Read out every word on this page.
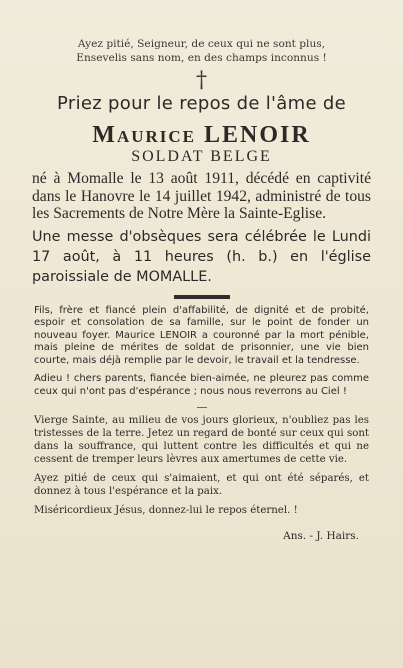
Ayez pitié, Seigneur, de ceux qui ne sont plus,
Ensevelis sans nom, en des champs inconnus !
†
Priez pour le repos de l'âme de
Maurice LENOIR
SOLDAT BELGE
né à Momalle le 13 août 1911, décédé en captivité dans le Hanovre le 14 juillet 1942, administré de tous les Sacrements de Notre Mère la Sainte-Eglise.
Une messe d'obsèques sera célébrée le Lundi 17 août, à 11 heures (h. b.) en l'église paroissiale de MOMALLE.
Fils, frère et fiancé plein d'affabilité, de dignité et de probité, espoir et consolation de sa famille, sur le point de fonder un nouveau foyer. Maurice LENOIR a couronné par la mort pénible, mais pleine de mérites de soldat de prisonnier, une vie bien courte, mais déjà remplie par le devoir, le travail et la tendresse.
Adieu ! chers parents, fiancée bien-aimée, ne pleurez pas comme ceux qui n'ont pas d'espérance ; nous nous reverrons au Ciel !
Vierge Sainte, au milieu de vos jours glorieux, n'oubliez pas les tristesses de la terre. Jetez un regard de bonté sur ceux qui sont dans la souffrance, qui luttent contre les difficultés et qui ne cessent de tremper leurs lèvres aux amertumes de cette vie.
Ayez pitié de ceux qui s'aimaient, et qui ont été séparés, et donnez à tous l'espérance et la paix.
Miséricordieux Jésus, donnez-lui le repos éternel. !
Ans. - J. Hairs.
